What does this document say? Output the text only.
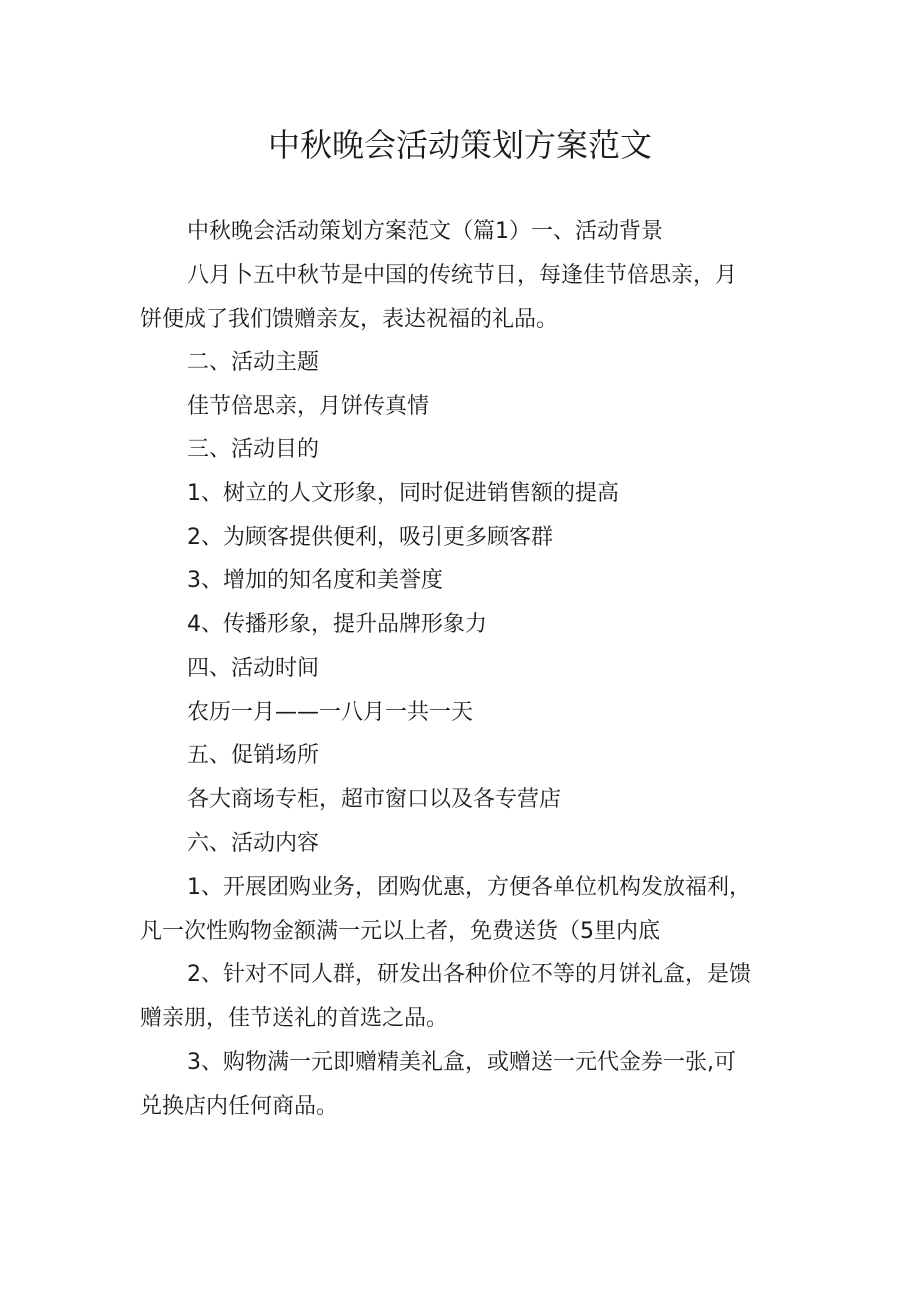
中秋晚会活动策划方案范文

中秋晚会活动策划方案范文（篇1）一、活动背景

八月卜五中秋节是中国的传统节日，每逢佳节倍思亲，月

饼便成了我们馈赠亲友，表达祝福的礼品。

二、活动主题

佳节倍思亲，月饼传真情

三、活动目的

1、树立的人文形象，同时促进销售额的提高

2、为顾客提供便利，吸引更多顾客群

3、增加的知名度和美誉度

4、传播形象，提升品牌形象力

四、活动时间

农历一月——一八月一共一天

五、促销场所

各大商场专柜，超市窗口以及各专营店

六、活动内容

1、开展团购业务，团购优惠，方便各单位机构发放福利，

凡一次性购物金额满一元以上者，免费送货（5里内底

2、针对不同人群，研发出各种价位不等的月饼礼盒，是馈

赠亲朋，佳节送礼的首选之品。

3、购物满一元即赠精美礼盒，或赠送一元代金券一张,可

兑换店内任何商品。
